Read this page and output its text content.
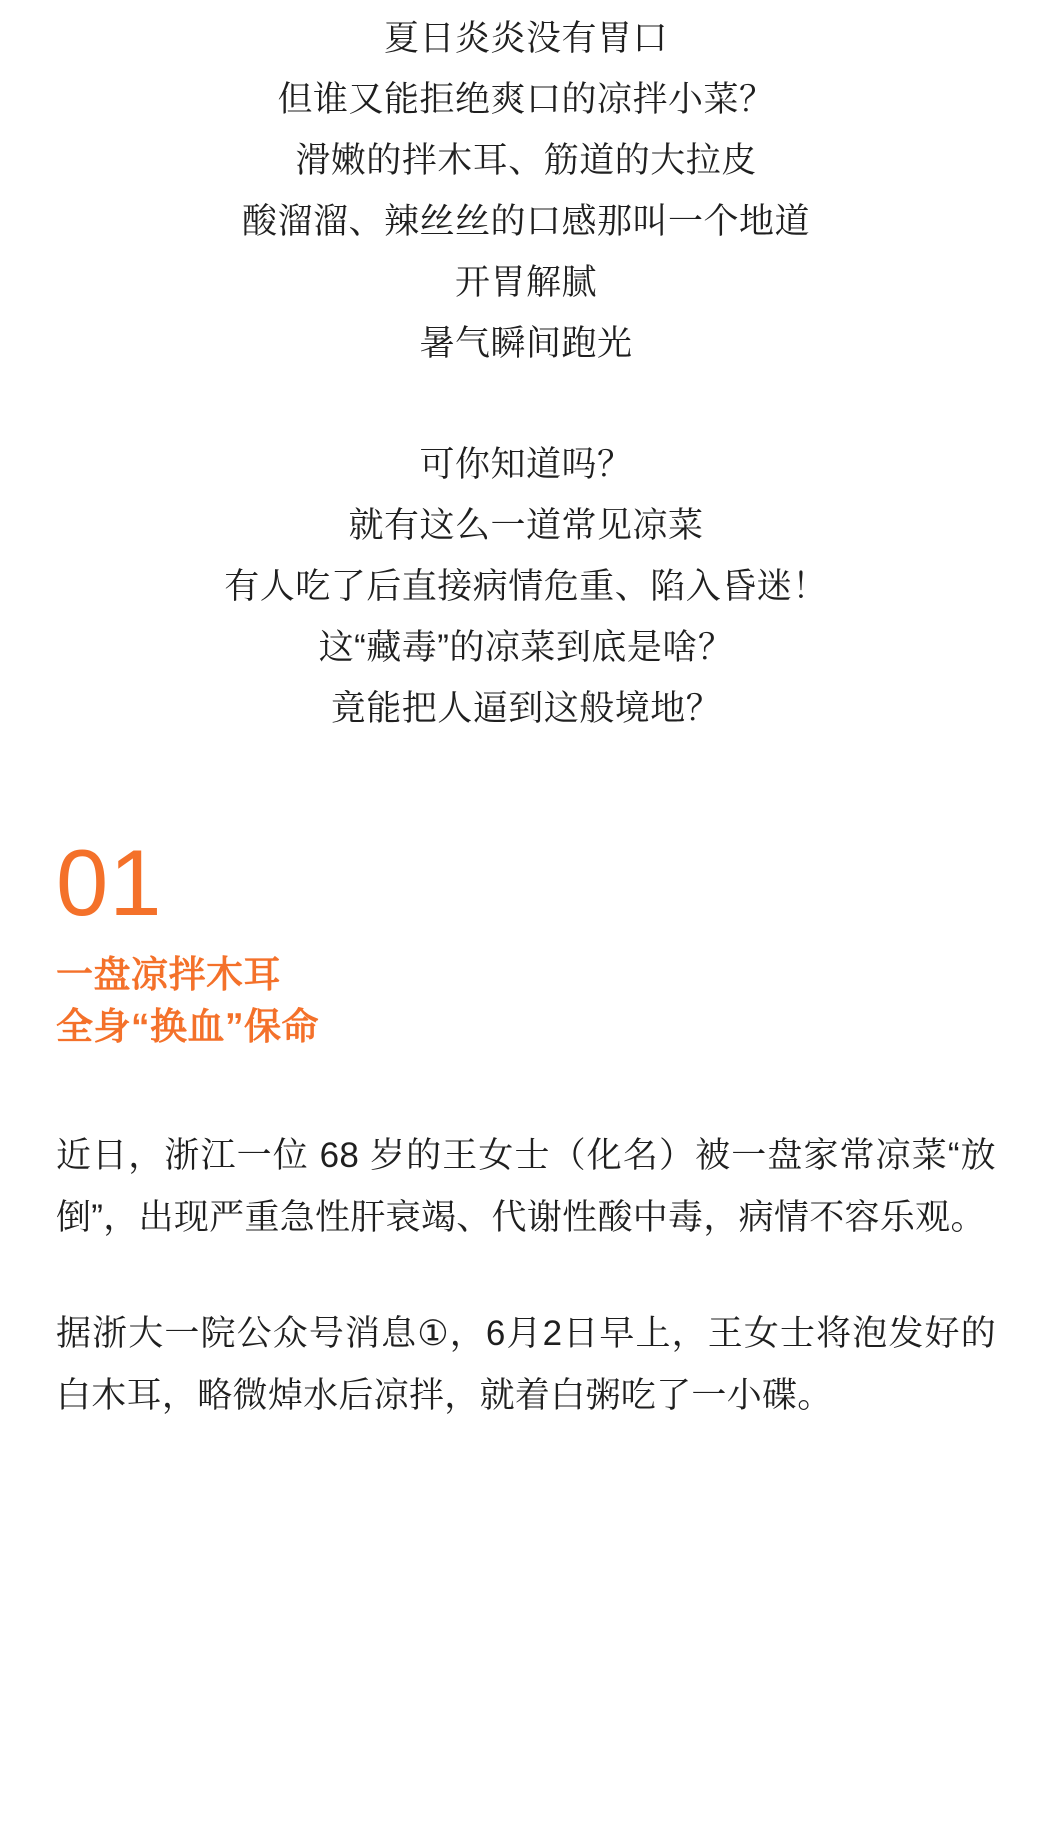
夏日炎炎没有胃口

但谁又能拒绝爽口的凉拌小菜？

滑嫩的拌木耳、筋道的大拉皮

酸溜溜、辣丝丝的口感那叫一个地道

开胃解腻

暑气瞬间跑光

可你知道吗？

就有这么一道常见凉菜

有人吃了后直接病情危重、陷入昏迷！

这“藏毒”的凉菜到底是啥？

竟能把人逼到这般境地？

01
一盘凉拌木耳
全身“换血”保命

近日，浙江一位 68 岁的王女士（化名）被一盘家常凉菜“放倒”，出现严重急性肝衰竭、代谢性酸中毒，病情不容乐观。

据浙大一院公众号消息①，6月2日早上，王女士将泡发好的白木耳，略微焯水后凉拌，就着白粥吃了一小碟。
